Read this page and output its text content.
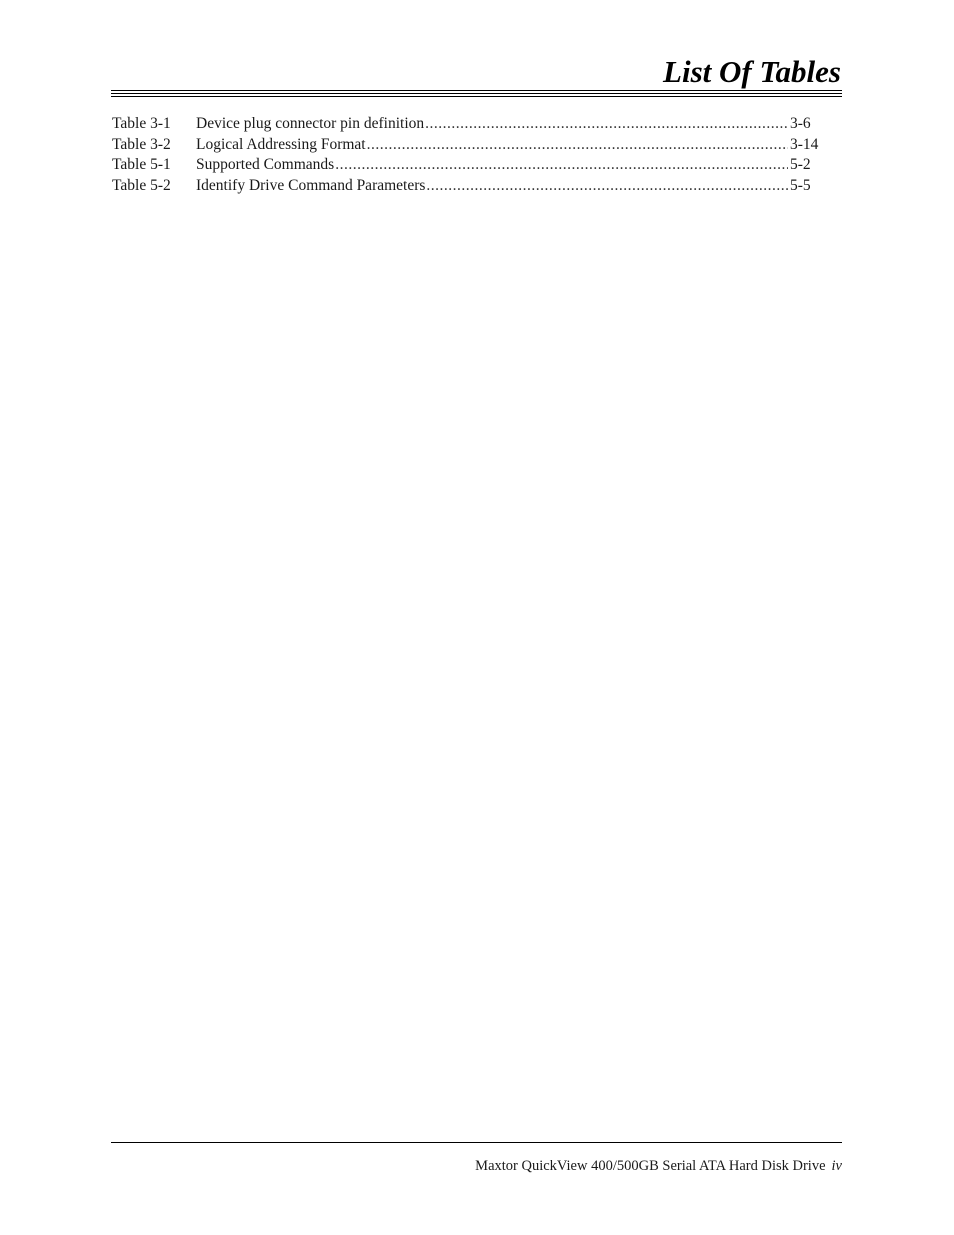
List Of Tables
Table 3-1	Device plug connector pin definition .....	3-6
Table 3-2	Logical Addressing Format .....	3-14
Table 5-1	Supported Commands .....	5-2
Table 5-2	Identify Drive Command Parameters .....	5-5
Maxtor QuickView 400/500GB Serial ATA Hard Disk Drive iv
